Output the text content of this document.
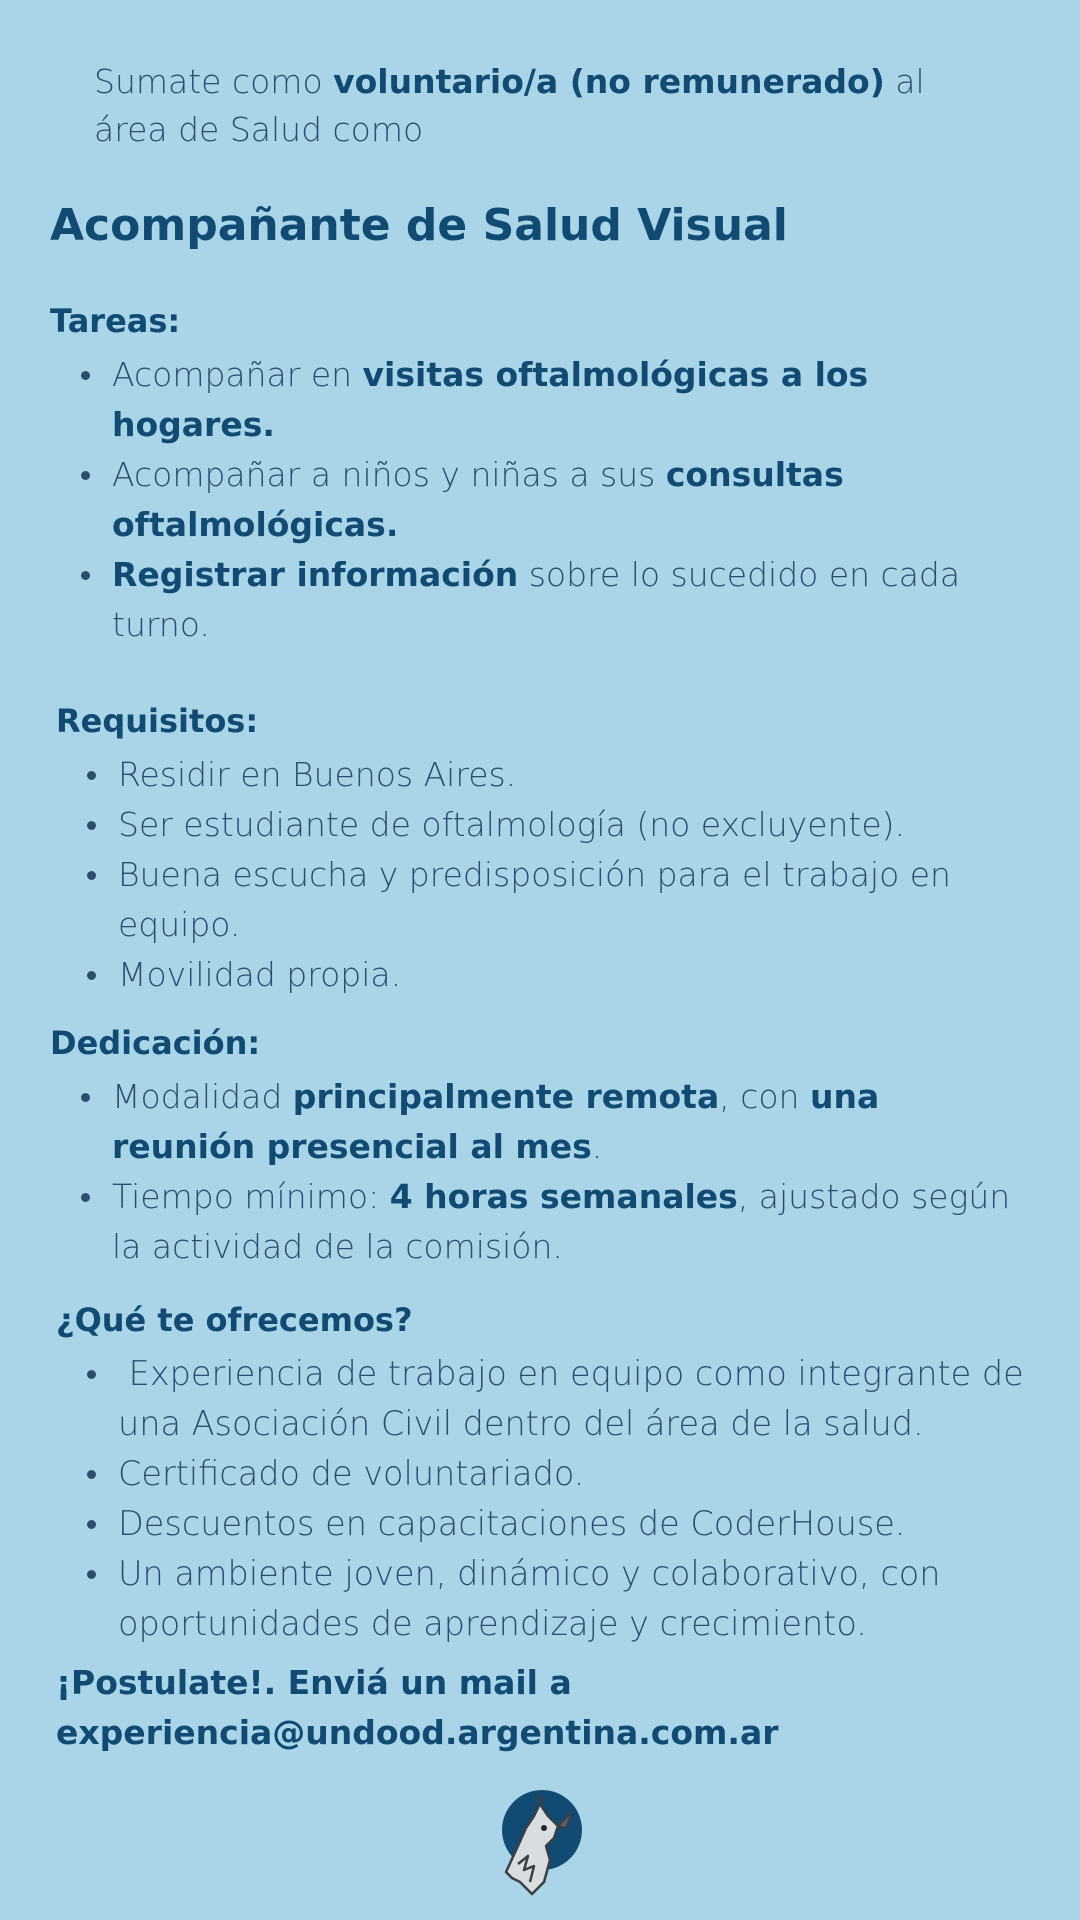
Sumate como voluntario/a (no remunerado) al área de Salud como

Acompañante de Salud Visual
Tareas:
Acompañar en visitas oftalmológicas a los hogares.
Acompañar a niños y niñas a sus consultas oftalmológicas.
Registrar información sobre lo sucedido en cada turno.
Requisitos:
Residir en Buenos Aires.
Ser estudiante de oftalmología (no excluyente).
Buena escucha y predisposición para el trabajo en equipo.
Movilidad propia.
Dedicación:
Modalidad principalmente remota, con una reunión presencial al mes.
Tiempo mínimo: 4 horas semanales, ajustado según la actividad de la comisión.
¿Qué te ofrecemos?
Experiencia de trabajo en equipo como integrante de una Asociación Civil dentro del área de la salud.
Certificado de voluntariado.
Descuentos en capacitaciones de CoderHouse.
Un ambiente joven, dinámico y colaborativo, con oportunidades de aprendizaje y crecimiento.
¡Postulate!. Enviá un mail a
experiencia@undood.argentina.com.ar
